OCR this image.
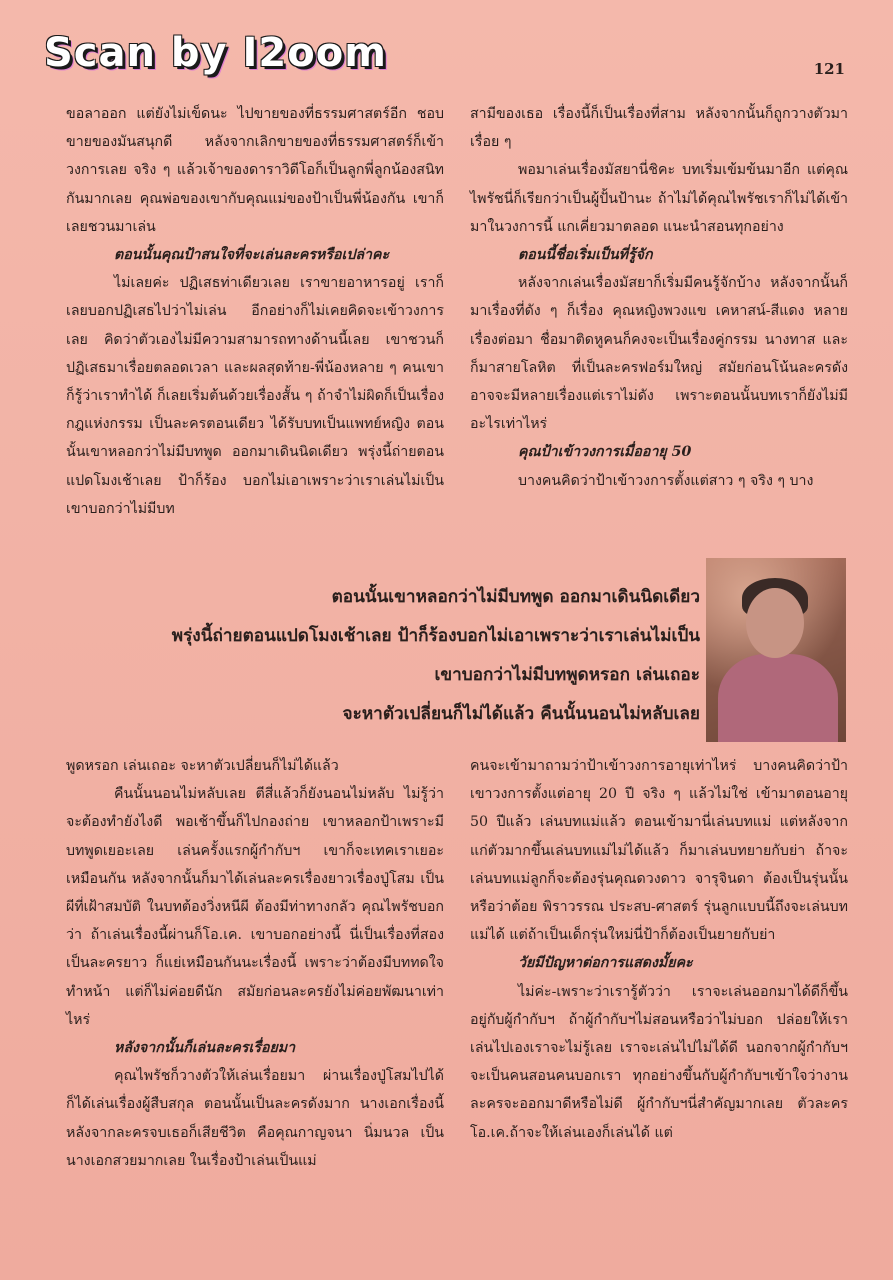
Scan by I2oom	121

ขอลาออก แต่ยังไม่เข็ดนะ ไปขายของที่ธรรมศาสตร์อีก ชอบขายของมันสนุกดี หลังจากเลิกขายของที่ธรรมศาสตร์ก็เข้าวงการเลย จริง ๆ แล้วเจ้าของดาราวิดีโอก็เป็นลูกพี่ลูกน้องสนิทกันมากเลย คุณพ่อของเขากับคุณแม่ของป้าเป็นพี่น้องกัน เขาก็เลยชวนมาเล่น

ตอนนั้นคุณป้าสนใจที่จะเล่นละครหรือเปล่าคะ

ไม่เลยค่ะ ปฏิเสธท่าเดียวเลย เราขายอาหารอยู่ เราก็เลยบอกปฏิเสธไปว่าไม่เล่น อีกอย่างก็ไม่เคยคิดจะเข้าวงการเลย คิดว่าตัวเองไม่มีความสามารถทางด้านนี้เลย เขาชวนก็ปฏิเสธมาเรื่อยตลอดเวลา และผลสุดท้าย-พี่น้องหลาย ๆ คนเขาก็รู้ว่าเราทำได้ ก็เลยเริ่มต้นด้วยเรื่องสั้น ๆ ถ้าจำไม่ผิดก็เป็นเรื่องกฎแห่งกรรม เป็นละครตอนเดียว ได้รับบทเป็นแพทย์หญิง ตอนนั้นเขาหลอกว่าไม่มีบทพูด ออกมาเดินนิดเดียว พรุ่งนี้ถ่ายตอนแปดโมงเช้าเลย ป้าก็ร้อง บอกไม่เอาเพราะว่าเราเล่นไม่เป็น เขาบอกว่าไม่มีบท

สามีของเธอ เรื่องนี้ก็เป็นเรื่องที่สาม หลังจากนั้นก็ถูกวางตัวมาเรื่อย ๆ

พอมาเล่นเรื่องมัสยานี่ชิคะ บทเริ่มเข้มข้นมาอีก แต่คุณไพรัชนี่ก็เรียกว่าเป็นผู้ปั้นป้านะ ถ้าไม่ได้คุณไพรัชเราก็ไม่ได้เข้ามาในวงการนี้ แกเคี่ยวมาตลอด แนะนำสอนทุกอย่าง

ตอนนี้ชื่อเริ่มเป็นที่รู้จัก

หลังจากเล่นเรื่องมัสยาก็เริ่มมีคนรู้จักบ้าง หลังจากนั้นก็มาเรื่องที่ดัง ๆ ก็เรื่อง คุณหญิงพวงแข เคหาสน์-สีแดง หลายเรื่องต่อมา ชื่อมาติดหูคนก็คงจะเป็นเรื่องคู่กรรม นางทาส และก็มาสายโลหิต ที่เป็นละครฟอร์มใหญ่ สมัยก่อนโน้นละครดังอาจจะมีหลายเรื่องแต่เราไม่ดัง เพราะตอนนั้นบทเราก็ยังไม่มีอะไรเท่าไหร่

คุณป้าเข้าวงการเมื่ออายุ 50

บางคนคิดว่าป้าเข้าวงการตั้งแต่สาว ๆ จริง ๆ บาง

ตอนนั้นเขาหลอกว่าไม่มีบทพูด ออกมาเดินนิดเดียว

พรุ่งนี้ถ่ายตอนแปดโมงเช้าเลย ป้าก็ร้องบอกไม่เอาเพราะว่าเราเล่นไม่เป็น

เขาบอกว่าไม่มีบทพูดหรอก เล่นเถอะ

จะหาตัวเปลี่ยนก็ไม่ได้แล้ว คืนนั้นนอนไม่หลับเลย

พูดหรอก เล่นเถอะ จะหาตัวเปลี่ยนก็ไม่ได้แล้ว

คืนนั้นนอนไม่หลับเลย ตีสี่แล้วก็ยังนอนไม่หลับ ไม่รู้ว่าจะต้องทำยังไงดี พอเช้าขึ้นก็ไปกองถ่าย เขาหลอกป้าเพราะมีบทพูดเยอะเลย เล่นครั้งแรกผู้กำกับฯ เขาก็จะเทคเราเยอะเหมือนกัน หลังจากนั้นก็มาได้เล่นละครเรื่องยาวเรื่องปู่โสม เป็นผีที่เฝ้าสมบัติ ในบทต้องวิ่งหนีผี ต้องมีท่าทางกลัว คุณไพรัชบอกว่า ถ้าเล่นเรื่องนี้ผ่านก็โอ.เค. เขาบอกอย่างนี้ นี่เป็นเรื่องที่สองเป็นละครยาว ก็แย่เหมือนกันนะเรื่องนี้ เพราะว่าต้องมีบททดใจ ทำหน้า แต่ก็ไม่ค่อยดีนัก สมัยก่อนละครยังไม่ค่อยพัฒนาเท่าไหร่

หลังจากนั้นก็เล่นละครเรื่อยมา

คุณไพรัชก็วางตัวให้เล่นเรื่อยมา ผ่านเรื่องปู่โสมไปได้ก็ได้เล่นเรื่องผู้สืบสกุล ตอนนั้นเป็นละครดังมาก นางเอกเรื่องนี้ หลังจากละครจบเธอก็เสียชีวิต คือคุณกาญจนา นิ่มนวล เป็นนางเอกสวยมากเลย ในเรื่องป้าเล่นเป็นแม่

คนจะเข้ามาถามว่าป้าเข้าวงการอายุเท่าไหร่ บางคนคิดว่าป้าเขาวงการตั้งแต่อายุ 20 ปี จริง ๆ แล้วไม่ใช่ เข้ามาตอนอายุ 50 ปีแล้ว เล่นบทแม่แล้ว ตอนเข้ามานี่เล่นบทแม่ แต่หลังจากแก่ตัวมากขึ้นเล่นบทแม่ไม่ได้แล้ว ก็มาเล่นบทยายกับย่า ถ้าจะเล่นบทแม่ลูกก็จะต้องรุ่นคุณดวงดาว จารุจินดา ต้องเป็นรุ่นนั้น หรือว่าต้อย พิราวรรณ ประสบ-ศาสตร์ รุ่นลูกแบบนี้ถึงจะเล่นบทแม่ได้ แต่ถ้าเป็นเด็กรุ่นใหม่นี่ป้าก็ต้องเป็นยายกับย่า

วัยมีปัญหาต่อการแสดงมั้ยคะ

ไม่ค่ะ-เพราะว่าเรารู้ตัวว่า เราจะเล่นออกมาได้ดีก็ขึ้นอยู่กับผู้กำกับฯ ถ้าผู้กำกับฯไม่สอนหรือว่าไม่บอก ปล่อยให้เราเล่นไปเองเราจะไม่รู้เลย เราจะเล่นไปไม่ได้ดี นอกจากผู้กำกับฯจะเป็นคนสอนคนบอกเรา ทุกอย่างขึ้นกับผู้กำกับฯเข้าใจว่างานละครจะออกมาดีหรือไม่ดี ผู้กำกับฯนี่สำคัญมากเลย ตัวละครโอ.เค.ถ้าจะให้เล่นเองก็เล่นได้ แต่
